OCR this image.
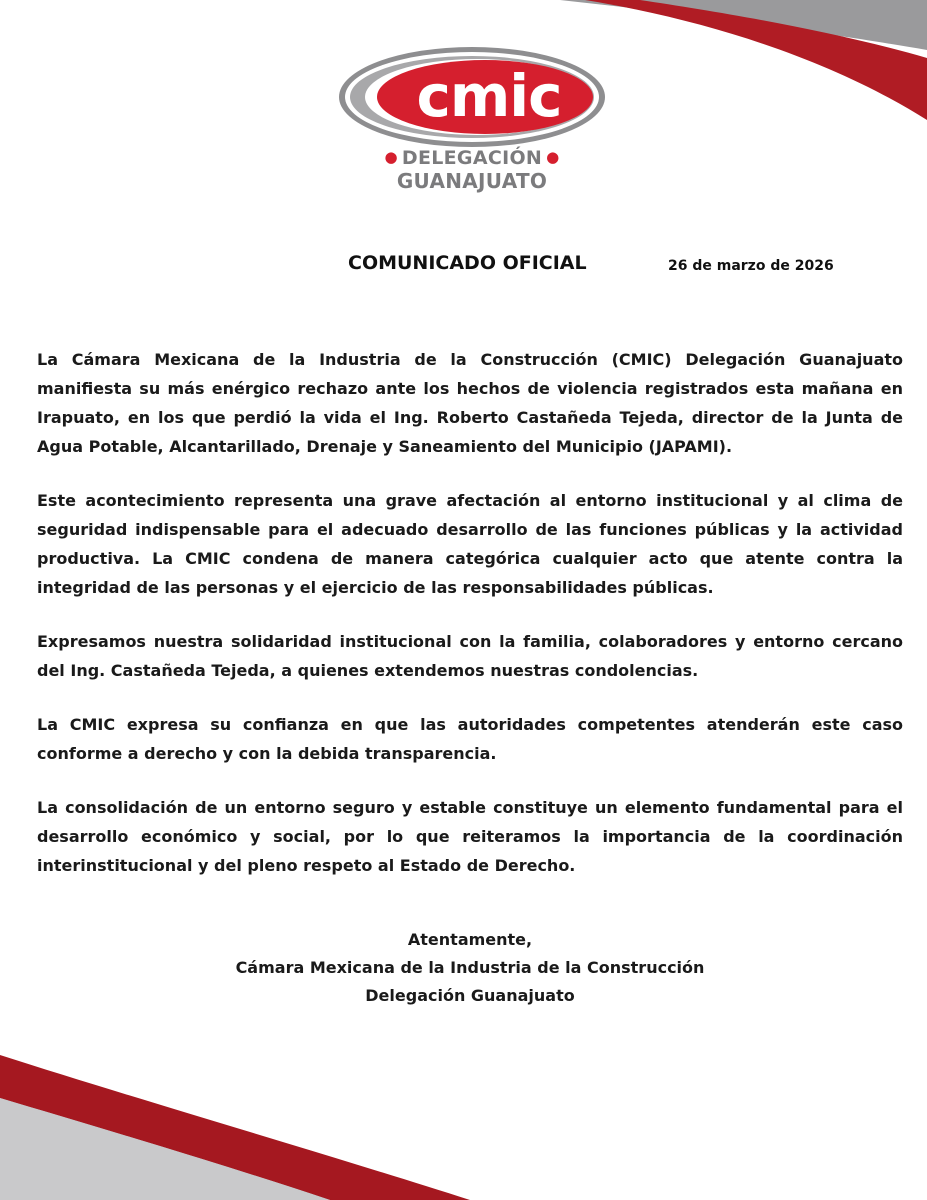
cmic
● DELEGACIÓN ●
GUANAJUATO
COMUNICADO OFICIAL	26 de marzo de 2026

La Cámara Mexicana de la Industria de la Construcción (CMIC) Delegación Guanajuato manifiesta su más enérgico rechazo ante los hechos de violencia registrados esta mañana en Irapuato, en los que perdió la vida el Ing. Roberto Castañeda Tejeda, director de la Junta de Agua Potable, Alcantarillado, Drenaje y Saneamiento del Municipio (JAPAMI).

Este acontecimiento representa una grave afectación al entorno institucional y al clima de seguridad indispensable para el adecuado desarrollo de las funciones públicas y la actividad productiva. La CMIC condena de manera categórica cualquier acto que atente contra la integridad de las personas y el ejercicio de las responsabilidades públicas.

Expresamos nuestra solidaridad institucional con la familia, colaboradores y entorno cercano del Ing. Castañeda Tejeda, a quienes extendemos nuestras condolencias.

La CMIC expresa su confianza en que las autoridades competentes atenderán este caso conforme a derecho y con la debida transparencia.

La consolidación de un entorno seguro y estable constituye un elemento fundamental para el desarrollo económico y social, por lo que reiteramos la importancia de la coordinación interinstitucional y del pleno respeto al Estado de Derecho.

Atentamente,
Cámara Mexicana de la Industria de la Construcción
Delegación Guanajuato
